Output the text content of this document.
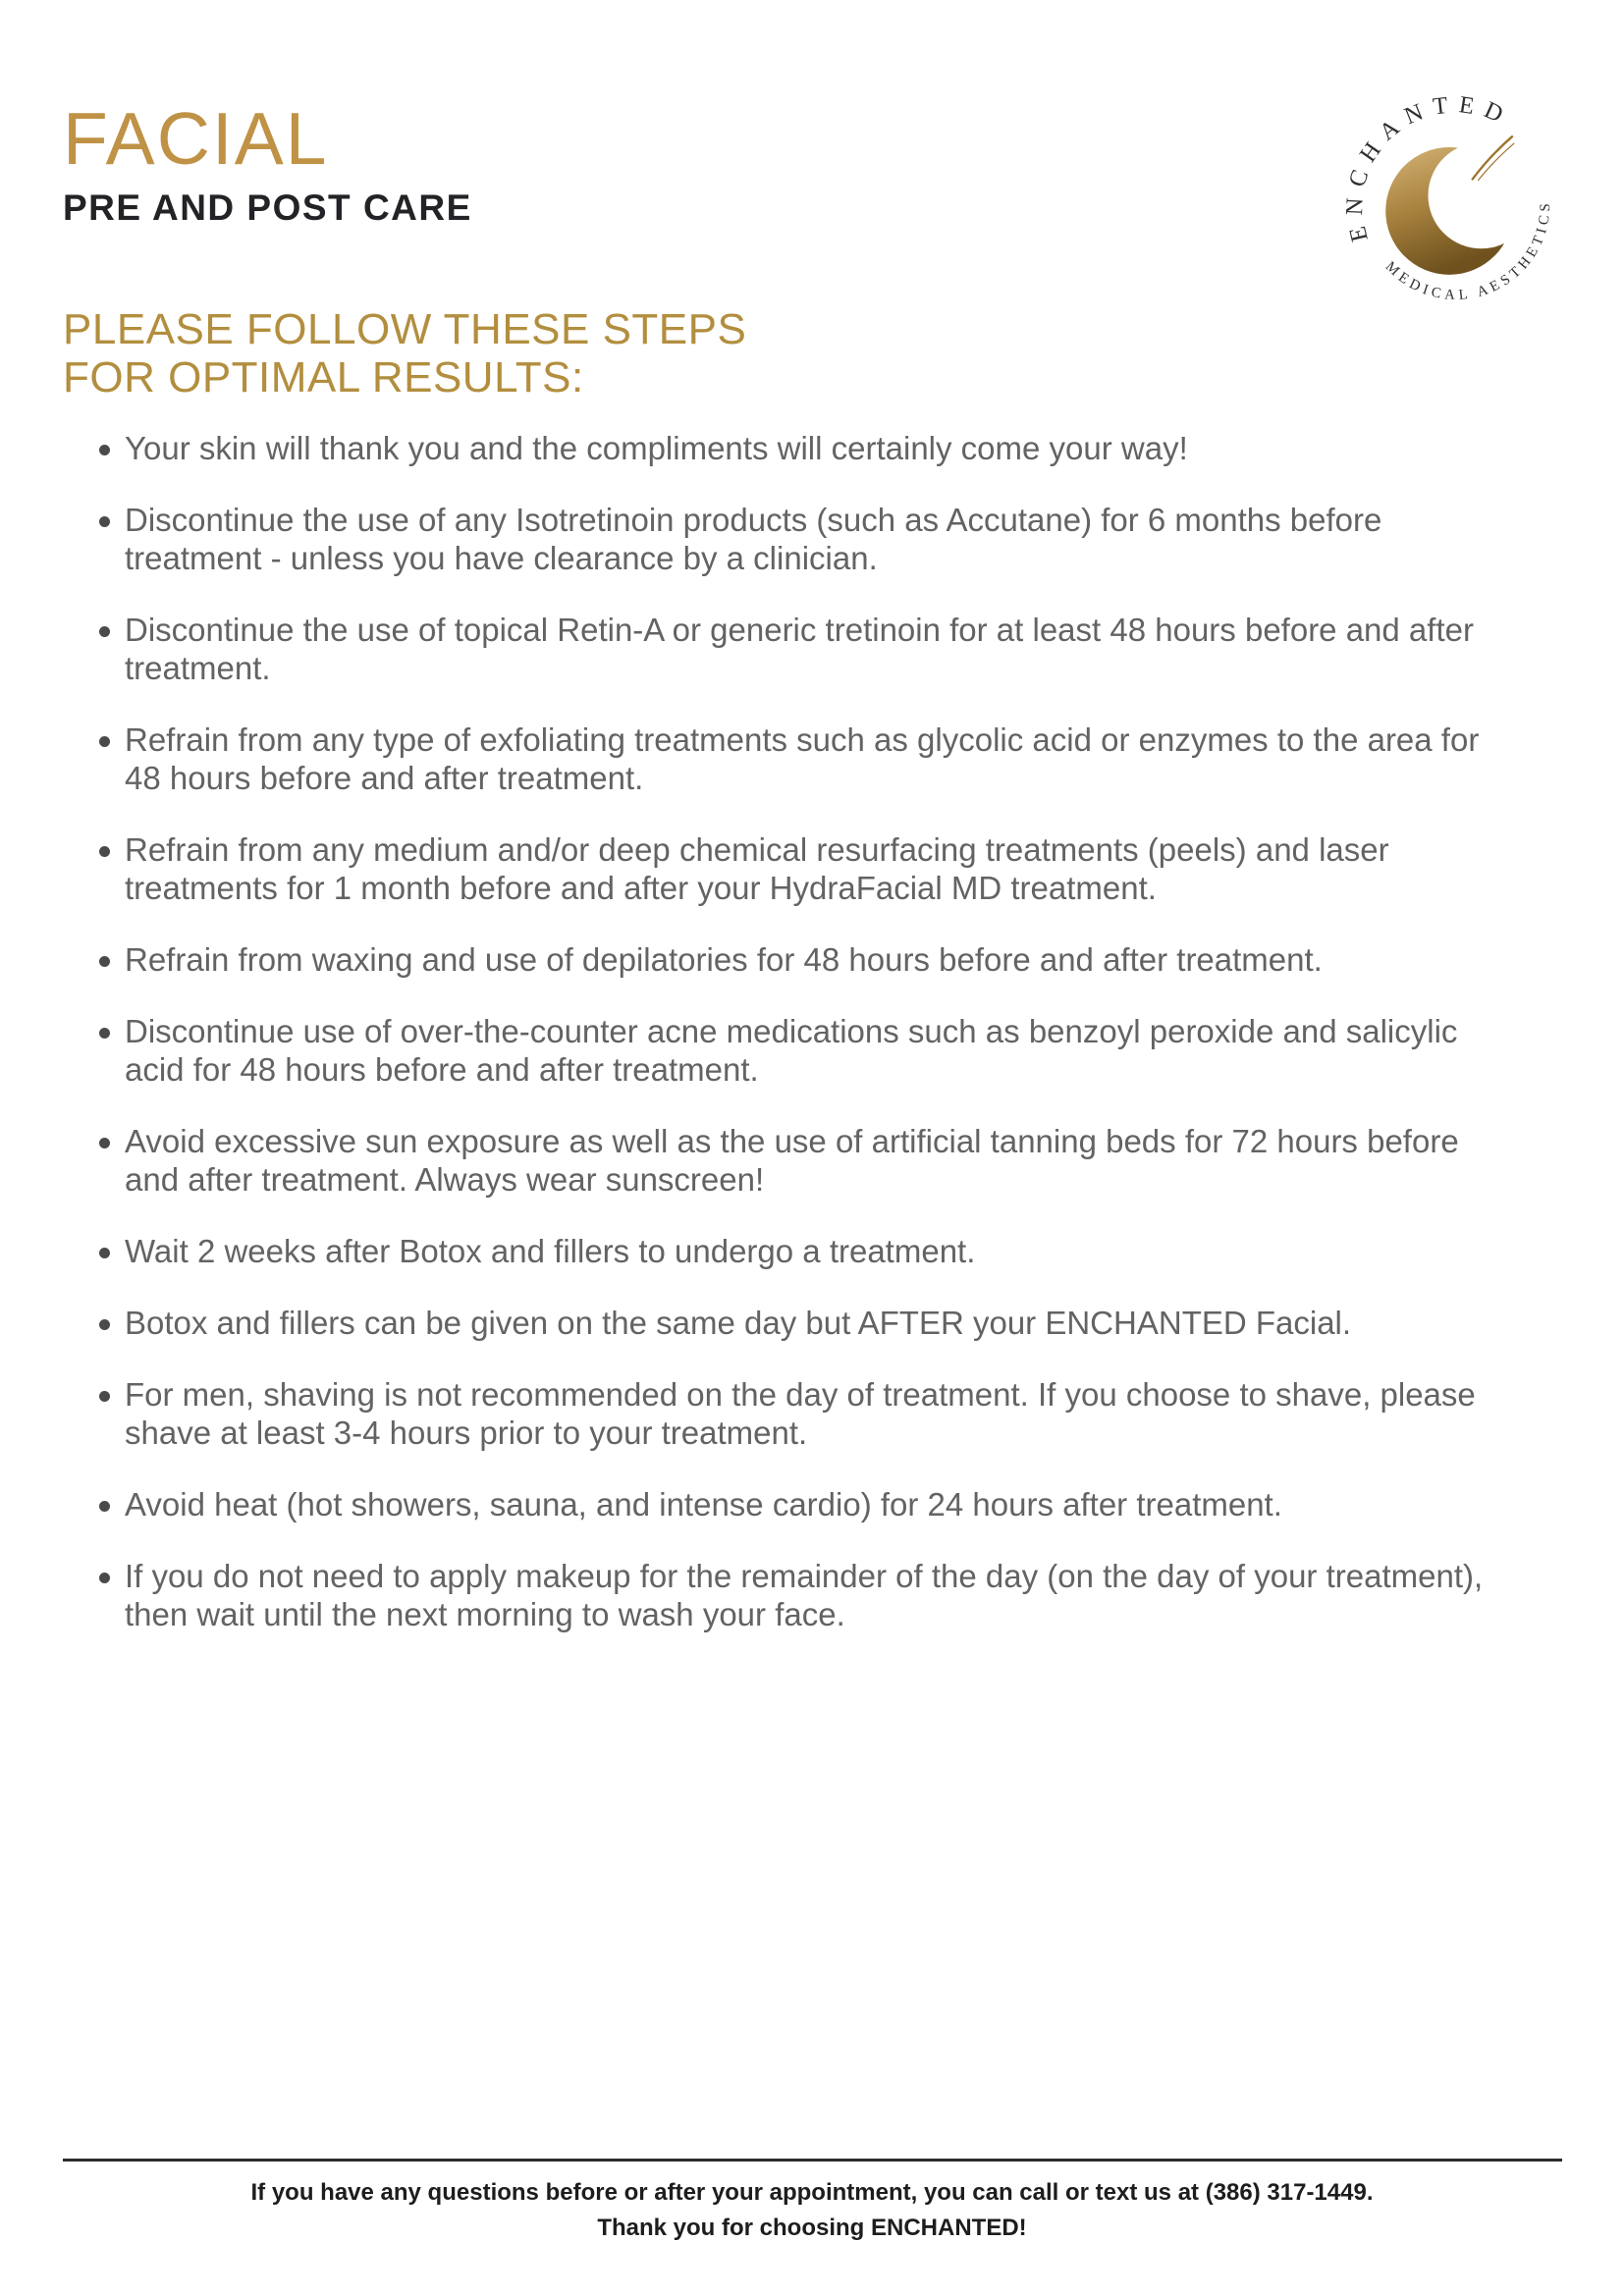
FACIAL
PRE AND POST CARE
ENCHANTED
MEDICAL AESTHETICS
PLEASE FOLLOW THESE STEPS
FOR OPTIMAL RESULTS:
Your skin will thank you and the compliments will certainly come your way!
Discontinue the use of any Isotretinoin products (such as Accutane) for 6 months before treatment - unless you have clearance by a clinician.
Discontinue the use of topical Retin-A or generic tretinoin for at least 48 hours before and after treatment.
Refrain from any type of exfoliating treatments such as glycolic acid or enzymes to the area for 48 hours before and after treatment.
Refrain from any medium and/or deep chemical resurfacing treatments (peels) and laser treatments for 1 month before and after your HydraFacial MD treatment.
Refrain from waxing and use of depilatories for 48 hours before and after treatment.
Discontinue use of over-the-counter acne medications such as benzoyl peroxide and salicylic acid for 48 hours before and after treatment.
Avoid excessive sun exposure as well as the use of artificial tanning beds for 72 hours before and after treatment. Always wear sunscreen!
Wait 2 weeks after Botox and fillers to undergo a treatment.
Botox and fillers can be given on the same day but AFTER your ENCHANTED Facial.
For men, shaving is not recommended on the day of treatment. If you choose to shave, please shave at least 3-4 hours prior to your treatment.
Avoid heat (hot showers, sauna, and intense cardio) for 24 hours after treatment.
If you do not need to apply makeup for the remainder of the day (on the day of your treatment), then wait until the next morning to wash your face.

If you have any questions before or after your appointment, you can call or text us at (386) 317-1449.

Thank you for choosing ENCHANTED!
